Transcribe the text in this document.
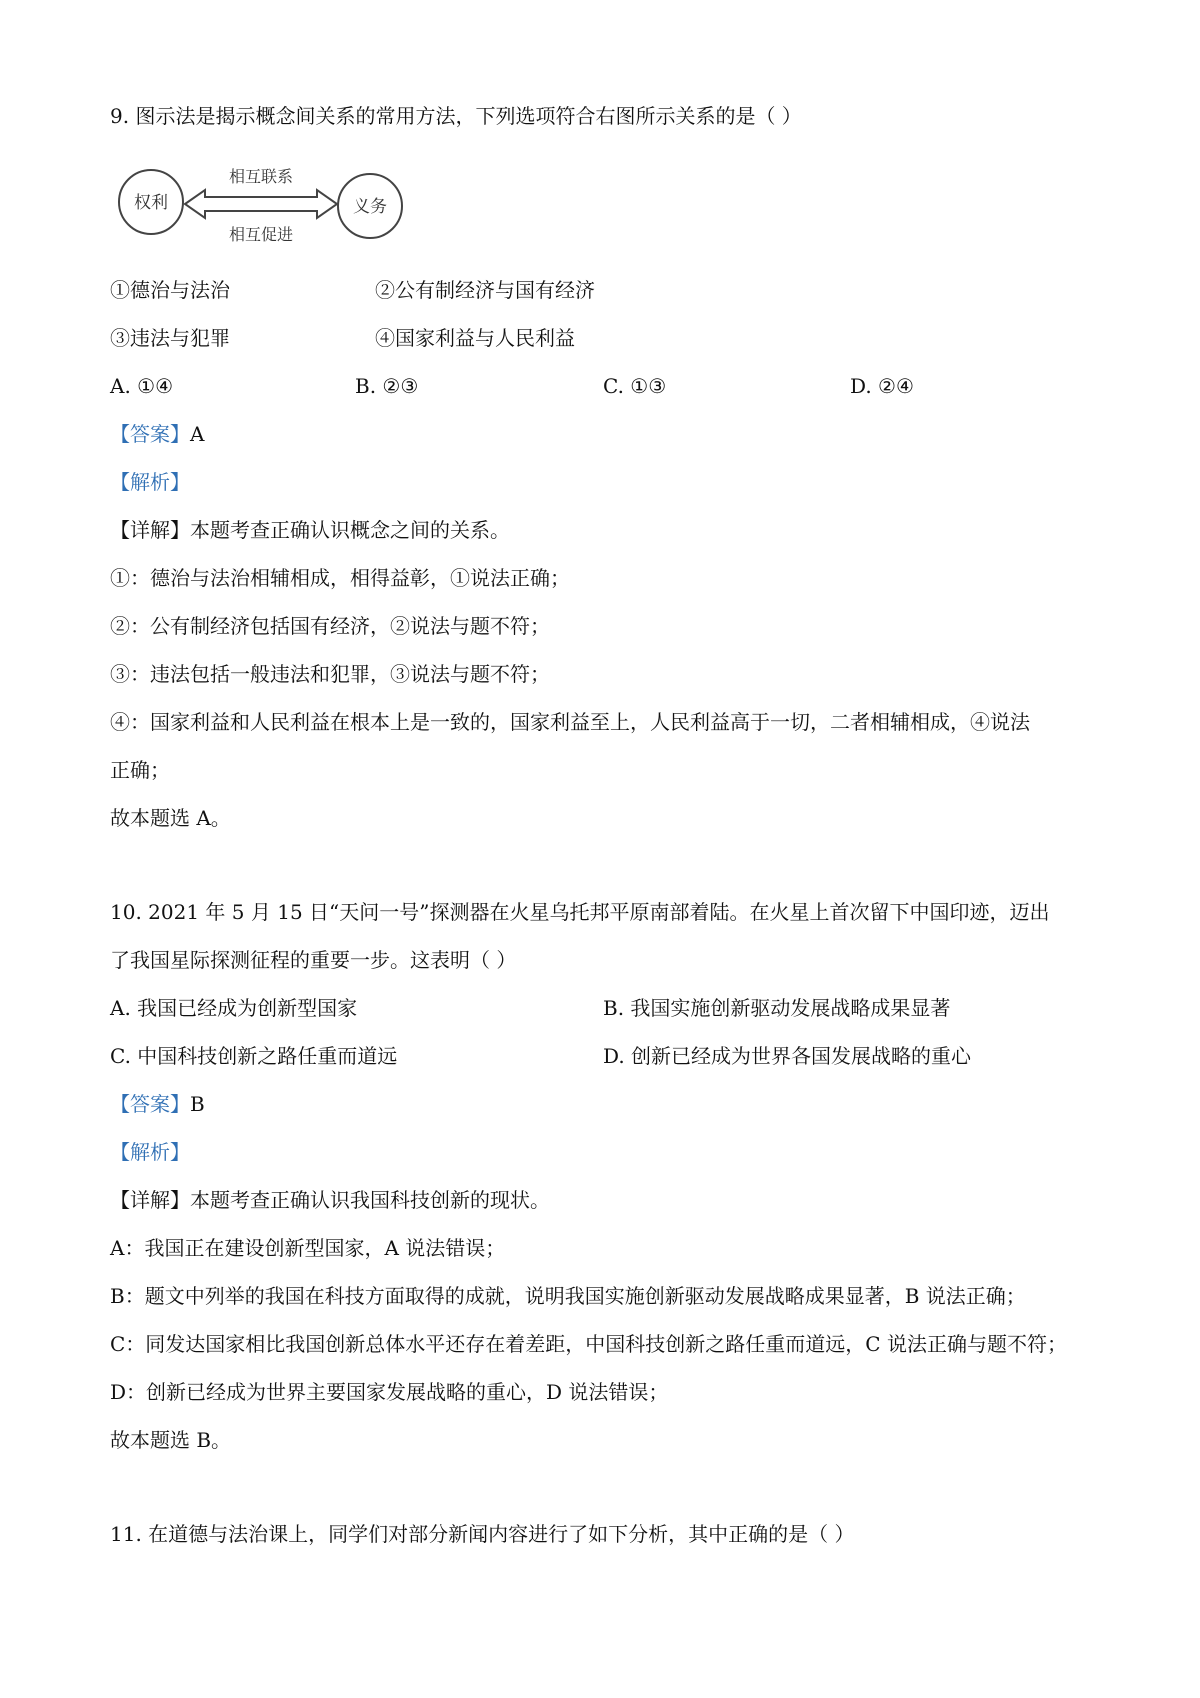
9. 图示法是揭示概念间关系的常用方法，下列选项符合右图所示关系的是（ ）
权利	义务
相互联系
相互促进
①德治与法治	②公有制经济与国有经济
③违法与犯罪	④国家利益与人民利益
A. ①④	B. ②③	C. ①③	D. ②④
【答案】A
【解析】
【详解】本题考查正确认识概念之间的关系。
①：德治与法治相辅相成，相得益彰，①说法正确；
②：公有制经济包括国有经济，②说法与题不符；
③：违法包括一般违法和犯罪，③说法与题不符；
④：国家利益和人民利益在根本上是一致的，国家利益至上，人民利益高于一切，二者相辅相成，④说法
正确；
故本题选 A。
10. 2021 年 5 月 15 日“天问一号”探测器在火星乌托邦平原南部着陆。在火星上首次留下中国印迹，迈出
了我国星际探测征程的重要一步。这表明（ ）
A. 我国已经成为创新型国家	B. 我国实施创新驱动发展战略成果显著
C. 中国科技创新之路任重而道远	D. 创新已经成为世界各国发展战略的重心
【答案】B
【解析】
【详解】本题考查正确认识我国科技创新的现状。
A：我国正在建设创新型国家，A 说法错误；
B：题文中列举的我国在科技方面取得的成就，说明我国实施创新驱动发展战略成果显著，B 说法正确；
C：同发达国家相比我国创新总体水平还存在着差距，中国科技创新之路任重而道远，C 说法正确与题不符；
D：创新已经成为世界主要国家发展战略的重心，D 说法错误；
故本题选 B。
11. 在道德与法治课上，同学们对部分新闻内容进行了如下分析，其中正确的是（ ）
